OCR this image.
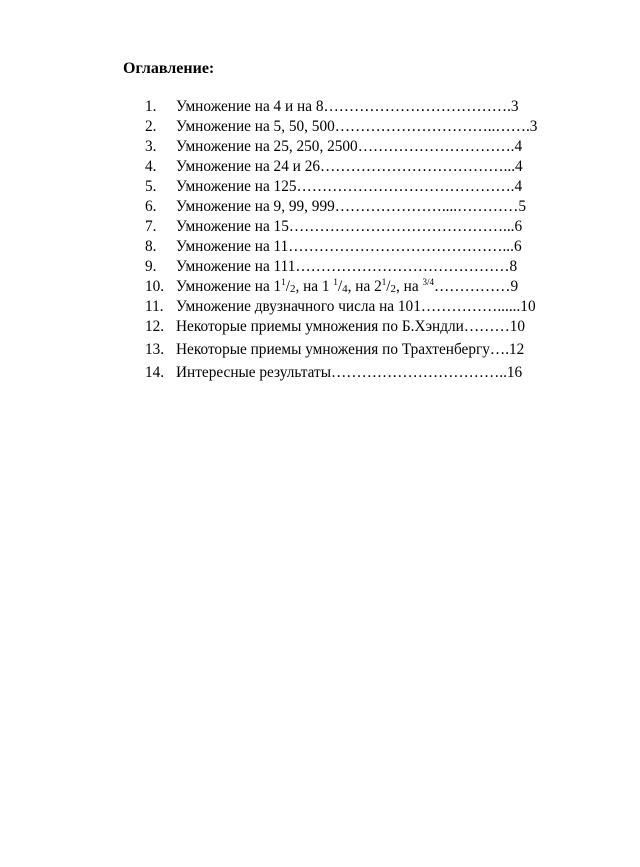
Оглавление:
1.	Умножение на 4 и на 8 ………………………………. 3
2.	Умножение на 5, 50, 500 …………………………..……. 3
3.	Умножение на 25, 250, 2500 …………………………. 4
4.	Умножение на 24 и 26 ………………………………... 4
5.	Умножение на 125 ……………………………………. 4
6.	Умножение на 9, 99, 999 …………………....………… 5
7.	Умножение на 15 ……………………………………... 6
8.	Умножение на 11 ……………………………………... 6
9.	Умножение на 111 …………………………………… 8
10. Умножение на $1^1/_2$, на 1 $^1/_4$, на $2^1/_2$, на $^{3/4}$ …………… 9
11. Умножение двузначного числа на 101 ……………...... 10
12. Некоторые приемы умножения по Б.Хэндли ……… 10
13. Некоторые приемы умножения по Трахтенбергу …. 12
14. Интересные результаты …………………………….. 16
